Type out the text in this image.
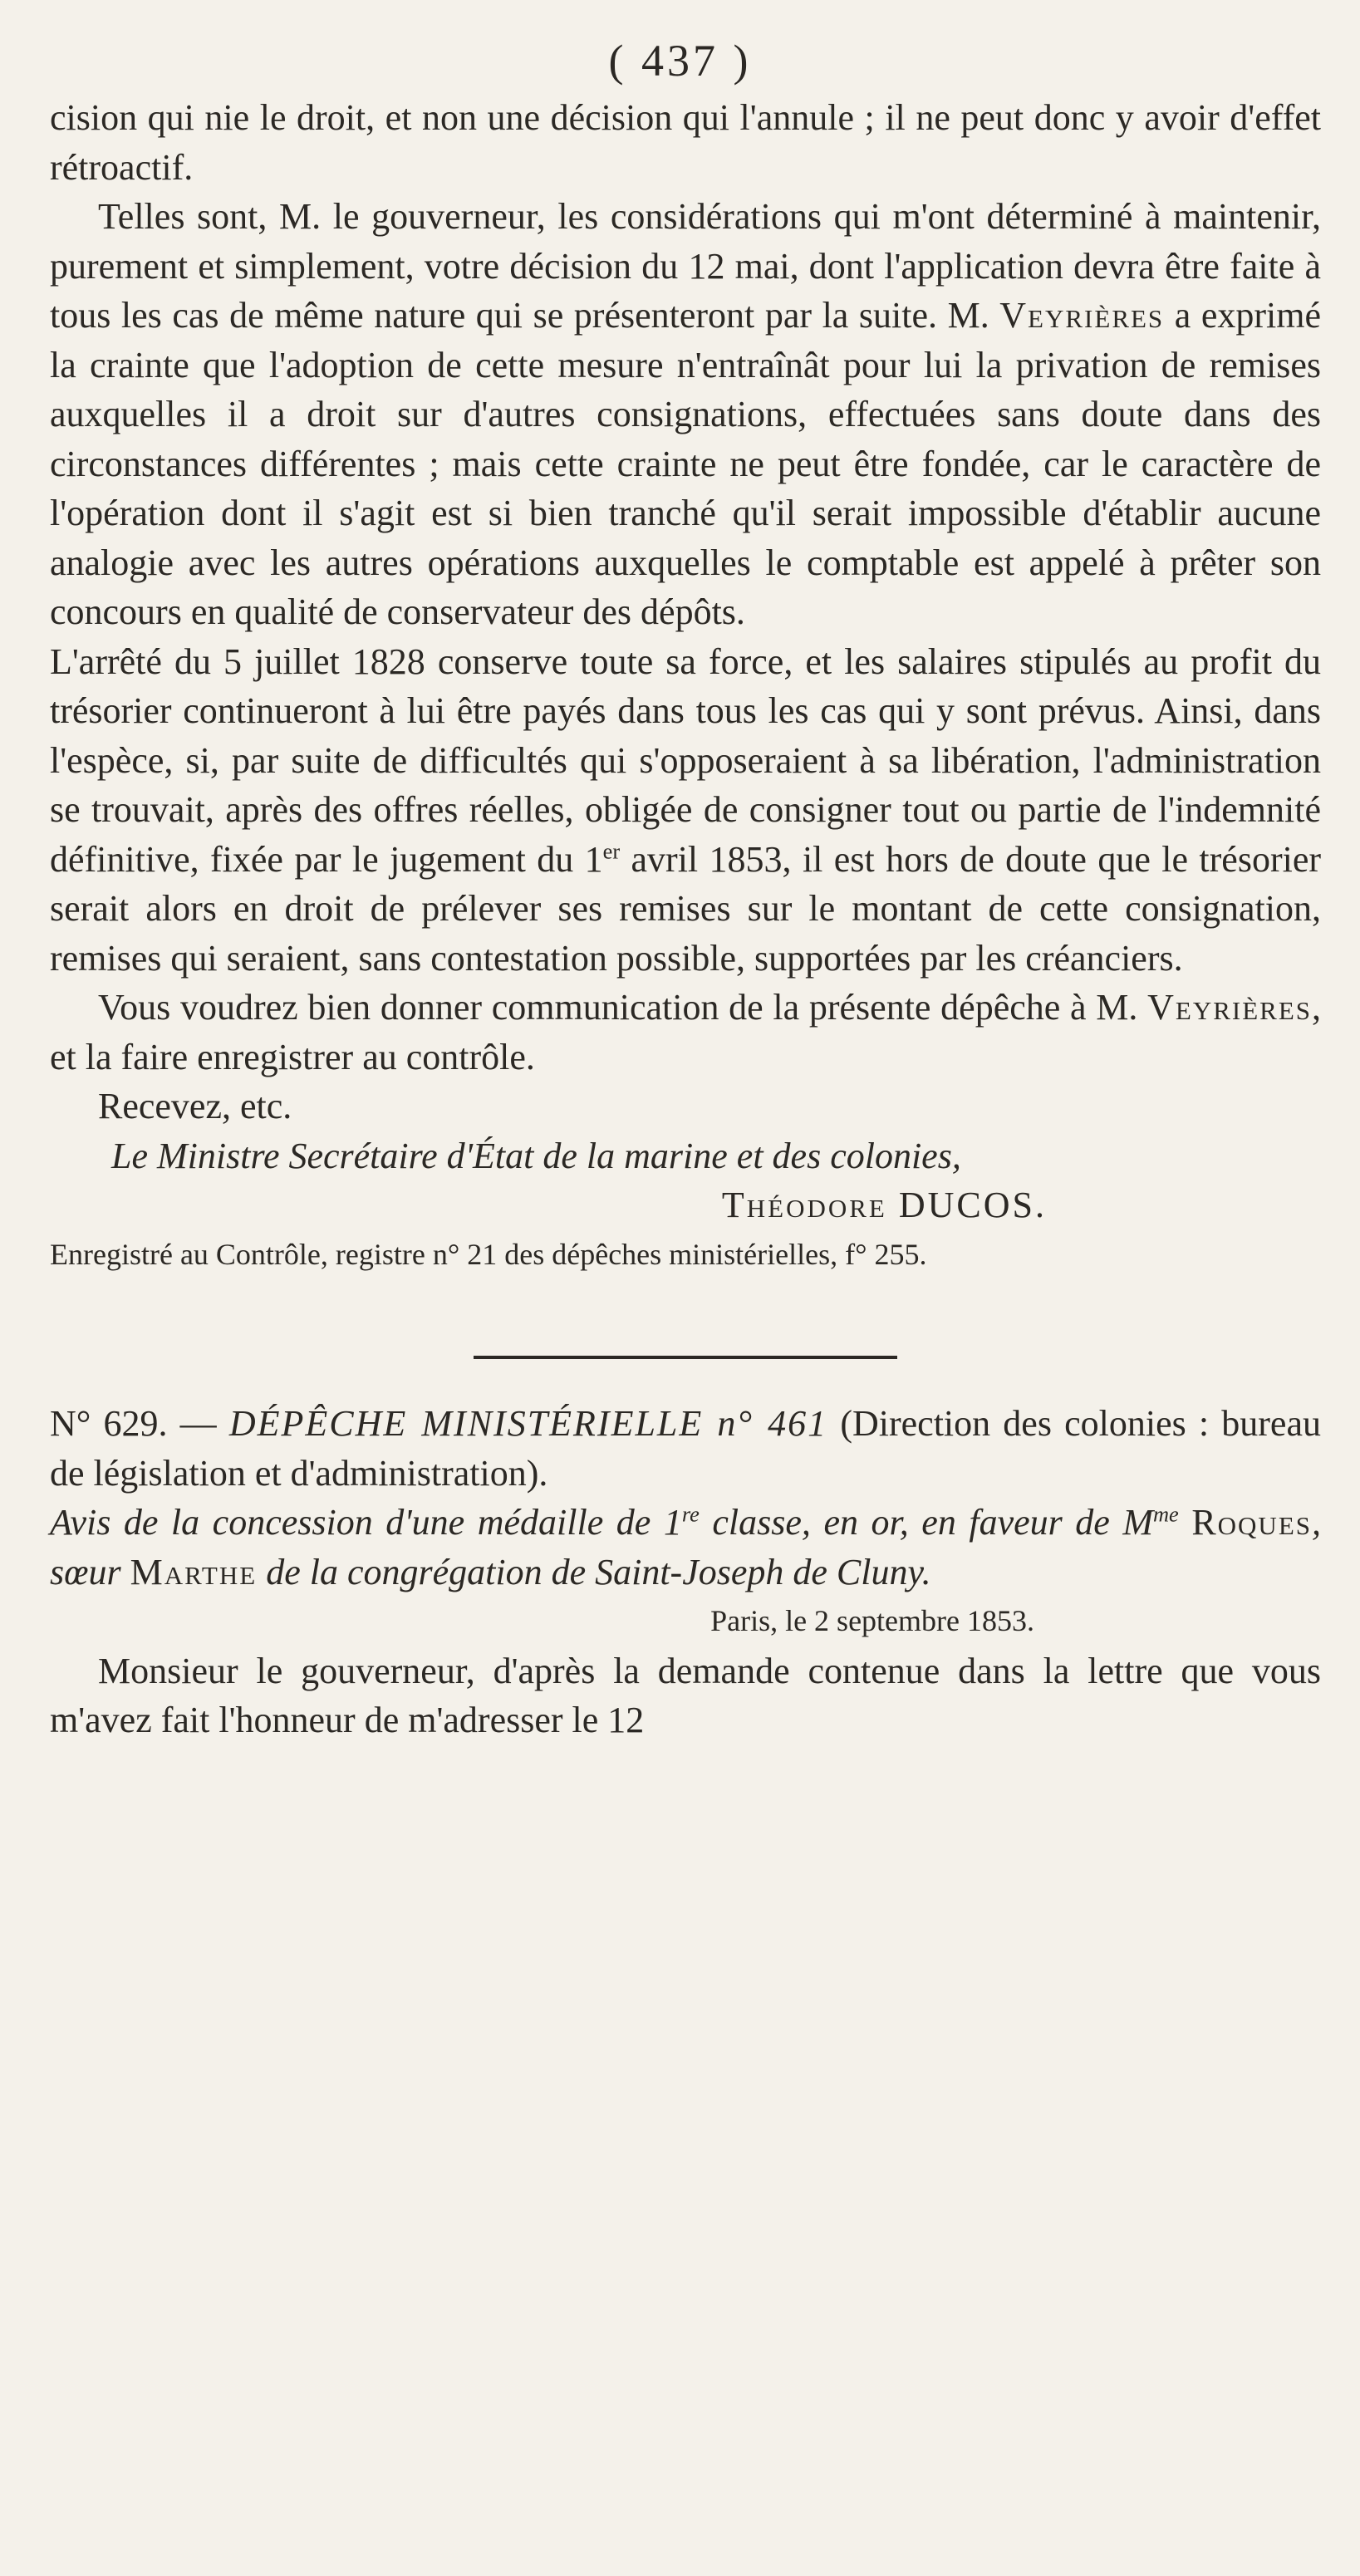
( 437 )

cision qui nie le droit, et non une décision qui l'annule ; il ne peut donc y avoir d'effet rétroactif.

Telles sont, M. le gouverneur, les considérations qui m'ont déterminé à maintenir, purement et simplement, votre décision du 12 mai, dont l'application devra être faite à tous les cas de même nature qui se présenteront par la suite. M. Veyrières a exprimé la crainte que l'adoption de cette mesure n'entraînât pour lui la privation de remises auxquelles il a droit sur d'autres consignations, effectuées sans doute dans des circonstances différentes ; mais cette crainte ne peut être fondée, car le caractère de l'opération dont il s'agit est si bien tranché qu'il serait impossible d'établir aucune analogie avec les autres opérations auxquelles le comptable est appelé à prêter son concours en qualité de conservateur des dépôts.

L'arrêté du 5 juillet 1828 conserve toute sa force, et les salaires stipulés au profit du trésorier continueront à lui être payés dans tous les cas qui y sont prévus. Ainsi, dans l'espèce, si, par suite de difficultés qui s'opposeraient à sa libération, l'administration se trouvait, après des offres réelles, obligée de consigner tout ou partie de l'indemnité définitive, fixée par le jugement du 1er avril 1853, il est hors de doute que le trésorier serait alors en droit de prélever ses remises sur le montant de cette consignation, remises qui seraient, sans contestation possible, supportées par les créanciers.

Vous voudrez bien donner communication de la présente dépêche à M. Veyrières, et la faire enregistrer au contrôle.

Recevez, etc.

Le Ministre Secrétaire d'État de la marine et des colonies,

Théodore DUCOS.

Enregistré au Contrôle, registre n° 21 des dépêches ministérielles, f° 255.

N° 629. — DÉPÊCHE MINISTÉRIELLE n° 461 (Direction des colonies : bureau de législation et d'administration).
Avis de la concession d'une médaille de 1re classe, en or, en faveur de $M^{me}$ Roques, sœur Marthe de la congrégation de Saint-Joseph de Cluny.

Paris, le 2 septembre 1853.

Monsieur le gouverneur, d'après la demande contenue dans la lettre que vous m'avez fait l'honneur de m'adresser le 12
